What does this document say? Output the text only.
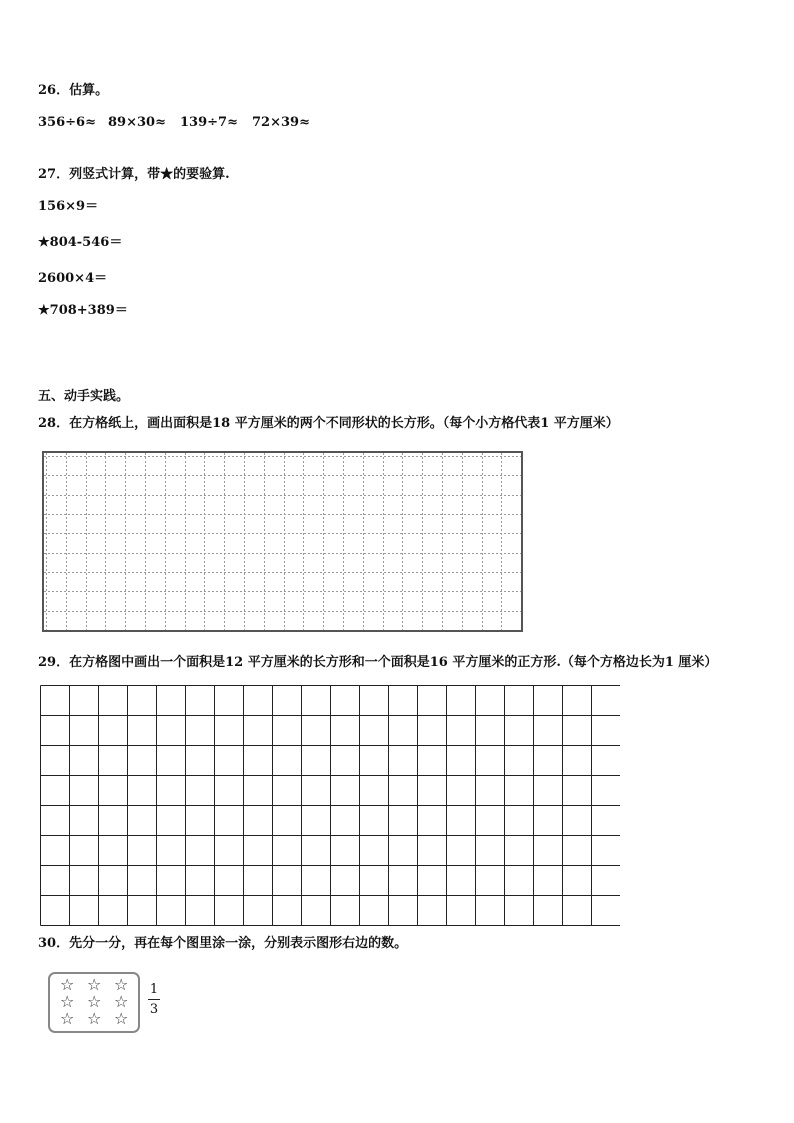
26．估算。
356÷6≈ 89×30≈ 139÷7≈ 72×39≈
27．列竖式计算，带★的要验算.
156×9＝
★804-546＝
2600×4＝
★708+389＝
五、动手实践。
28．在方格纸上，画出面积是18 平方厘米的两个不同形状的长方形。（每个小方格代表1 平方厘米）
29．在方格图中画出一个面积是12 平方厘米的长方形和一个面积是16 平方厘米的正方形.（每个方格边长为1 厘米）
30．先分一分，再在每个图里涂一涂，分别表示图形右边的数。
☆ ☆ ☆
☆ ☆ ☆
☆ ☆ ☆
1
3
